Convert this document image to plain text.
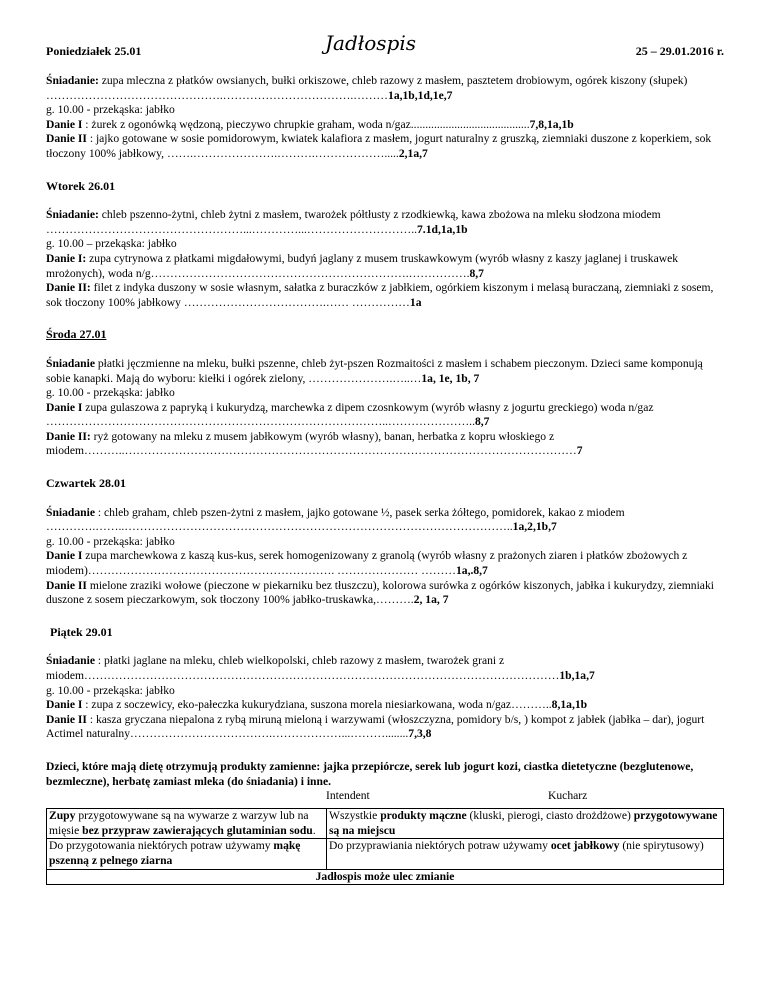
Poniedziałek 25.01	Jadłospis	25 – 29.01.2016 r.

Śniadanie: zupa mleczna z płatków owsianych, bułki orkiszowe, chleb razowy z masłem, pasztetem drobiowym, ogórek kiszony (słupek) ……………………………………….…………………………….………1a,1b,1d,1e,7

g. 10.00 - przekąska: jabłko

Danie I : żurek z ogonówką wędzoną, pieczywo chrupkie graham, woda n/gaz.........................................7,8,1a,1b

Danie II : jajko gotowane w sosie pomidorowym, kwiatek kalafiora z masłem, jogurt naturalny z gruszką, ziemniaki duszone z koperkiem, sok tłoczony 100% jabłkowy, …….………………….……….……………….....2,1a,7

Wtorek 26.01

Śniadanie: chleb pszenno-żytni, chleb żytni z masłem, twarożek półtłusty z rzodkiewką, kawa zbożowa na mleku słodzona miodem ……………………………………………...…………...………………………..7.1d,1a,1b

g. 10.00 – przekąska: jabłko

Danie I: zupa cytrynowa z płatkami migdałowymi, budyń jaglany z musem truskawkowym (wyrób własny z kaszy jaglanej i truskawek mrożonych), woda n/g………………………………………………………….…………….8,7

Danie II: filet z indyka duszony w sosie własnym, sałatka z buraczków z jabłkiem, ogórkiem kiszonym i melasą buraczaną, ziemniaki z sosem, sok tłoczony 100% jabłkowy ……………………………….…… ……………1a

Środa 27.01

Śniadanie płatki jęczmienne na mleku, bułki pszenne, chleb żyt-pszen Rozmaitości z masłem i schabem pieczonym. Dzieci same komponują sobie kanapki. Mają do wyboru: kiełki i ogórek zielony, ………………….…..…1a, 1e, 1b, 7

g. 10.00 - przekąska: jabłko

Danie I zupa gulaszowa z papryką i kukurydzą, marchewka z dipem czosnkowym (wyrób własny z jogurtu greckiego) woda n/gaz ……………………………………………………………………………..…………………..8,7

Danie II: ryż gotowany na mleku z musem jabłkowym (wyrób własny), banan, herbatka z kopru włoskiego z miodem………..………………………………………………………………………………………………………7

Czwartek 28.01

Śniadanie : chleb graham, chleb pszen-żytni z masłem, jajko gotowane ½, pasek serka żółtego, pomidorek, kakao z miodem ………….……..………………………………………………………………………………………..1a,2,1b,7

g. 10.00 - przekąska: jabłko

Danie I zupa marchewkowa z kaszą kus-kus, serek homogenizowany z granolą (wyrób własny z prażonych ziaren i płatków zbożowych z miodem)………………………………………………………. ………………… ………1a,.8,7

Danie II mielone zraziki wołowe (pieczone w piekarniku bez tłuszczu), kolorowa surówka z ogórków kiszonych, jabłka i kukurydzy, ziemniaki duszone z sosem pieczarkowym, sok tłoczony 100% jabłko-truskawka,……….2, 1a, 7

Piątek 29.01

Śniadanie : płatki jaglane na mleku, chleb wielkopolski, chleb razowy z masłem, twarożek grani z miodem……………………………………………………………………………………………………………1b,1a,7

g. 10.00 - przekąska: jabłko

Danie I : zupa z soczewicy, eko-pałeczka kukurydziana, suszona morela niesiarkowana, woda n/gaz………..8,1a,1b

Danie II : kasza gryczana niepalona z rybą miruną mieloną i warzywami (włoszczyzna, pomidory b/s, ) kompot z jabłek (jabłka – dar), jogurt Actimel naturalny……………………………….………………...………........7,3,8

Dzieci, które mają dietę otrzymują produkty zamienne: jajka przepiórcze, serek lub jogurt kozi, ciastka dietetyczne (bezglutenowe, bezmleczne), herbatę zamiast mleka (do śniadania) i inne.

Intendent	Kucharz
Zupy przygotowywane są na wywarze z warzyw lub na mięsie bez przypraw zawierających glutaminian sodu.	Wszystkie produkty mączne (kluski, pierogi, ciasto drożdżowe) przygotowywane są na miejscu
Do przygotowania niektórych potraw używamy mąkę pszenną z pelnego ziarna	Do przyprawiania niektórych potraw używamy ocet jabłkowy (nie spirytusowy)
Jadłospis może ulec zmianie	
